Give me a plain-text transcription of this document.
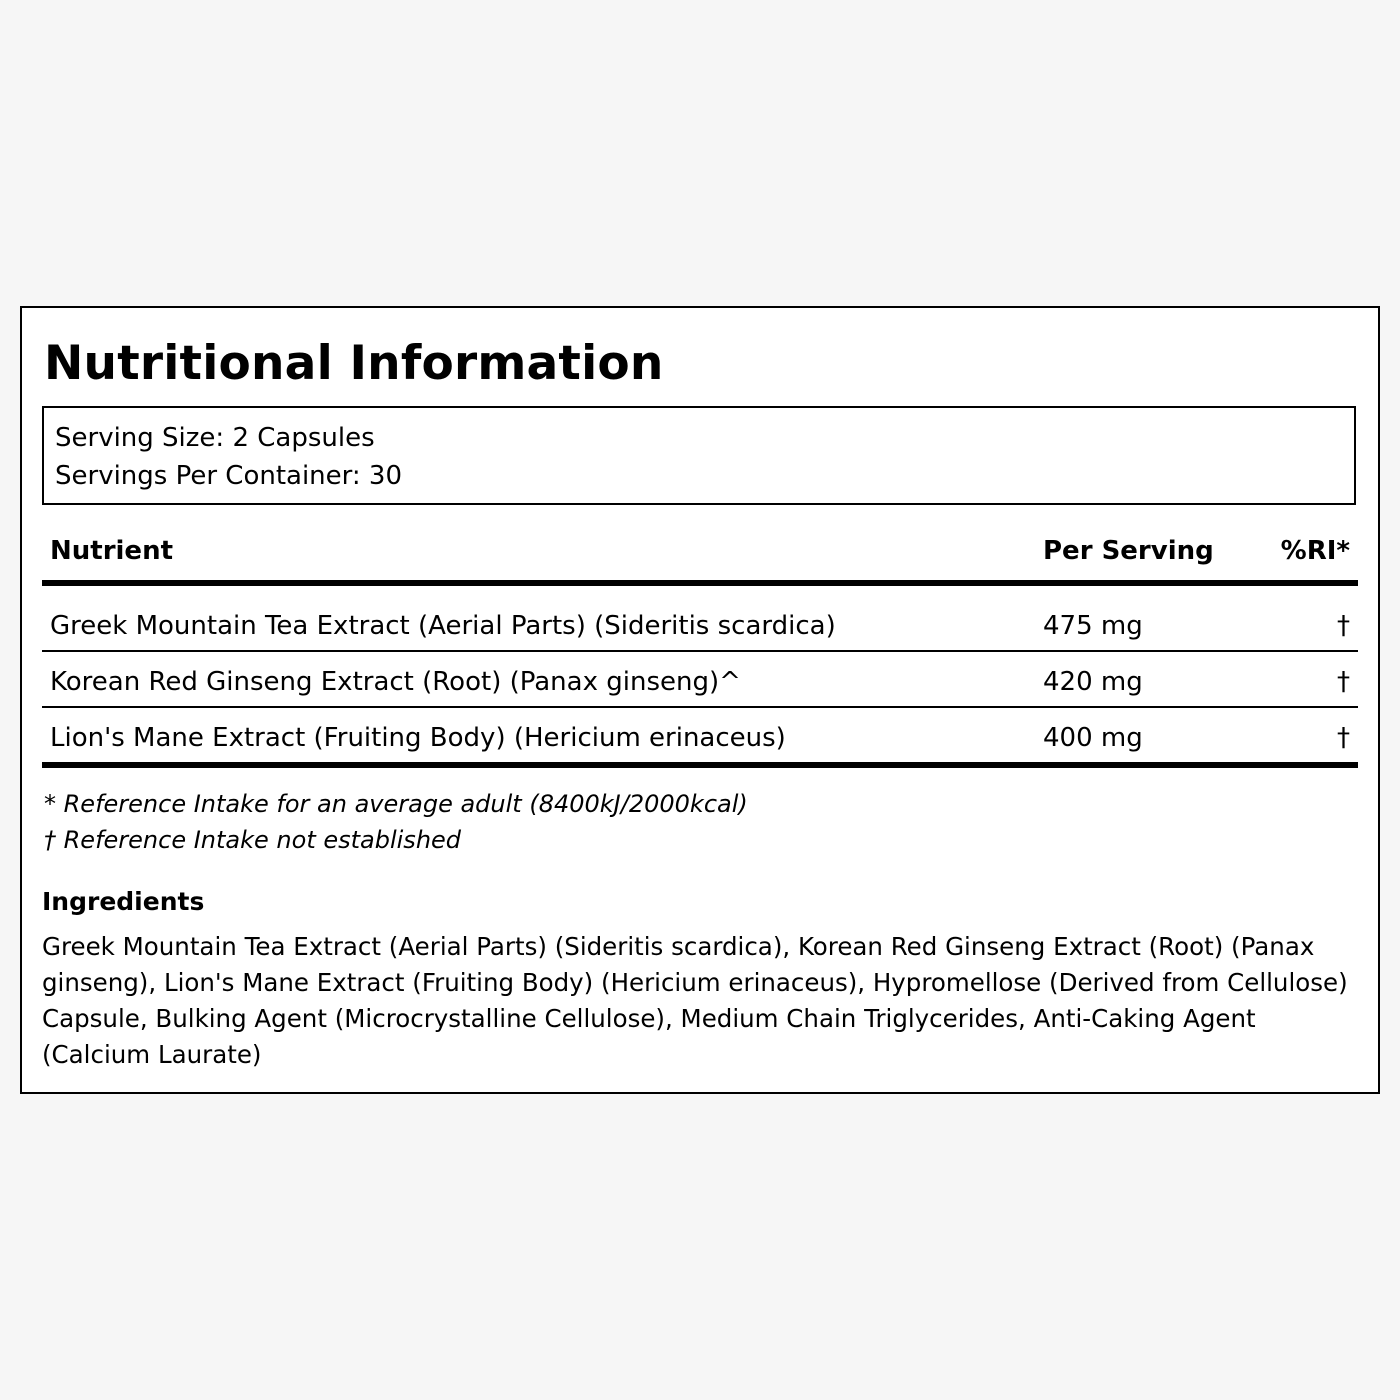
Nutritional Information
Serving Size: 2 Capsules
Servings Per Container: 30
Nutrient	Per Serving	%RI*
Greek Mountain Tea Extract (Aerial Parts) (Sideritis scardica)	475 mg	†
Korean Red Ginseng Extract (Root) (Panax ginseng)^	420 mg	†
Lion's Mane Extract (Fruiting Body) (Hericium erinaceus)	400 mg	†
* Reference Intake for an average adult (8400kJ/2000kcal)
† Reference Intake not established
Ingredients

Greek Mountain Tea Extract (Aerial Parts) (Sideritis scardica), Korean Red Ginseng Extract (Root) (Panax ginseng), Lion's Mane Extract (Fruiting Body) (Hericium erinaceus), Hypromellose (Derived from Cellulose) Capsule, Bulking Agent (Microcrystalline Cellulose), Medium Chain Triglycerides, Anti-Caking Agent (Calcium Laurate)
